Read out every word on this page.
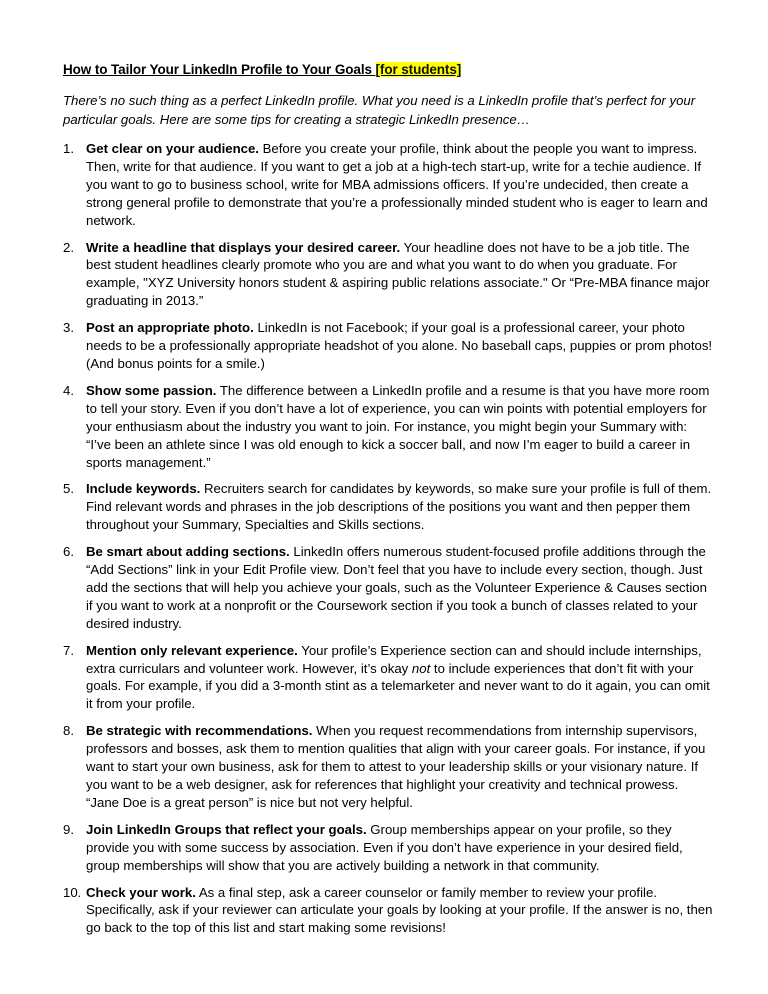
How to Tailor Your LinkedIn Profile to Your Goals [for students]

There’s no such thing as a perfect LinkedIn profile. What you need is a LinkedIn profile that’s perfect for your particular goals. Here are some tips for creating a strategic LinkedIn presence…

1. Get clear on your audience. Before you create your profile, think about the people you want to impress. Then, write for that audience. If you want to get a job at a high-tech start-up, write for a techie audience. If you want to go to business school, write for MBA admissions officers. If you’re undecided, then create a strong general profile to demonstrate that you’re a professionally minded student who is eager to learn and network.
2. Write a headline that displays your desired career. Your headline does not have to be a job title. The best student headlines clearly promote who you are and what you want to do when you graduate. For example, "XYZ University honors student & aspiring public relations associate." Or “Pre-MBA finance major graduating in 2013.”
3. Post an appropriate photo. LinkedIn is not Facebook; if your goal is a professional career, your photo needs to be a professionally appropriate headshot of you alone. No baseball caps, puppies or prom photos! (And bonus points for a smile.)
4. Show some passion. The difference between a LinkedIn profile and a resume is that you have more room to tell your story. Even if you don’t have a lot of experience, you can win points with potential employers for your enthusiasm about the industry you want to join. For instance, you might begin your Summary with: “I’ve been an athlete since I was old enough to kick a soccer ball, and now I’m eager to build a career in sports management.”
5. Include keywords. Recruiters search for candidates by keywords, so make sure your profile is full of them. Find relevant words and phrases in the job descriptions of the positions you want and then pepper them throughout your Summary, Specialties and Skills sections.
6. Be smart about adding sections. LinkedIn offers numerous student-focused profile additions through the “Add Sections” link in your Edit Profile view. Don’t feel that you have to include every section, though. Just add the sections that will help you achieve your goals, such as the Volunteer Experience & Causes section if you want to work at a nonprofit or the Coursework section if you took a bunch of classes related to your desired industry.
7. Mention only relevant experience. Your profile’s Experience section can and should include internships, extra curriculars and volunteer work. However, it’s okay not to include experiences that don’t fit with your goals. For example, if you did a 3-month stint as a telemarketer and never want to do it again, you can omit it from your profile.
8. Be strategic with recommendations. When you request recommendations from internship supervisors, professors and bosses, ask them to mention qualities that align with your career goals. For instance, if you want to start your own business, ask for them to attest to your leadership skills or your visionary nature. If you want to be a web designer, ask for references that highlight your creativity and technical prowess. “Jane Doe is a great person” is nice but not very helpful.
9. Join LinkedIn Groups that reflect your goals. Group memberships appear on your profile, so they provide you with some success by association. Even if you don’t have experience in your desired field, group memberships will show that you are actively building a network in that community.
10. Check your work. As a final step, ask a career counselor or family member to review your profile. Specifically, ask if your reviewer can articulate your goals by looking at your profile. If the answer is no, then go back to the top of this list and start making some revisions!
